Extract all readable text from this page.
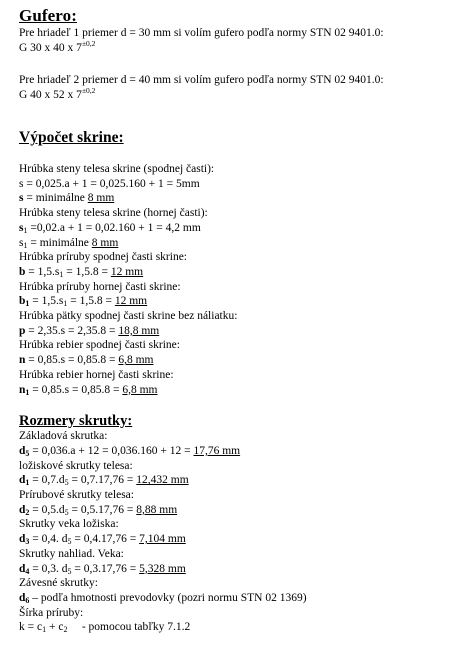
Gufero:
Pre hriadeľ 1 priemer d = 30 mm si volím gufero podľa normy STN 02 9401.0:
G 30 x 40 x $7^{\pm 0,2}$
Pre hriadeľ 2 priemer d = 40 mm si volím gufero podľa normy STN 02 9401.0:
G 40 x 52 x $7^{\pm 0,2}$
Výpočet skrine:
Hrúbka steny telesa skrine (spodnej časti):
s = 0,025.a + 1 = 0,025.160 + 1 = 5mm
s = minimálne 8 mm
Hrúbka steny telesa skrine (hornej časti):
$s_1 =0,02.a + 1 = 0,02.160 + 1 = 4,2$ mm
$s_1$ = minimálne 8 mm
Hrúbka príruby spodnej časti skrine:
$b = 1,5.s_1 = 1,5.8 = 12$ mm
Hrúbka príruby hornej časti skrine:
$b_1 = 1,5.s_1 = 1,5.8 = 12$ mm
Hrúbka pätky spodnej časti skrine bez náliatku:
p = 2,35.s = 2,35.8 = 18,8 mm
Hrúbka rebier spodnej časti skrine:
n = 0,85.s = 0,85.8 = 6,8 mm
Hrúbka rebier hornej časti skrine:
$n_1 = 0,85.s = 0,85.8 = 6,8$ mm
Rozmery skrutky:
Základová skrutka:
$d_5 = 0,036.a + 12 = 0,036.160 + 12 = 17,76$ mm
ložiskové skrutky telesa:
$d_1 = 0,7.d_5 = 0,7.17,76 = 12,432$ mm
Prírubové skrutky telesa:
$d_2 = 0,5.d_5 = 0,5.17,76 = 8,88$ mm
Skrutky veka ložiska:
$d_3 = 0,4$. $d_5 = 0,4.17,76 = 7,104$ mm
Skrutky nahliad. Veka:
$d_4 = 0,3$. $d_5 = 0,3.17,76 = 5,328$ mm
Závesné skrutky:
$d_6$ – podľa hmotnosti prevodovky (pozri normu STN 02 1369)
Šírka príruby:
$k = c_1 + c_2$     - pomocou tabľky 7.1.2
